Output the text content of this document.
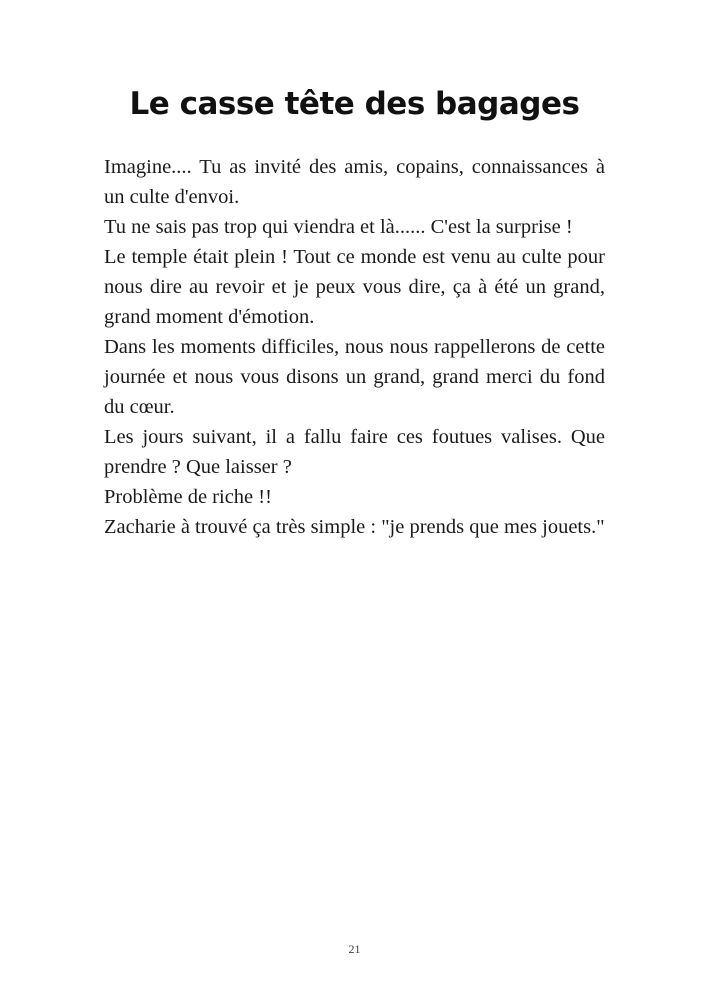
Le casse tête des bagages

Imagine.... Tu as invité des amis, copains, connaissances à un culte d'envoi.

Tu ne sais pas trop qui viendra et là...... C'est la surprise !

Le temple était plein ! Tout ce monde est venu au culte pour nous dire au revoir et je peux vous dire, ça à été un grand, grand moment d'émotion.

Dans les moments difficiles, nous nous rappellerons de cette journée et nous vous disons un grand, grand merci du fond du cœur.

Les jours suivant, il a fallu faire ces foutues valises. Que prendre ? Que laisser ?

Problème de riche !!

Zacharie à trouvé ça très simple : "je prends que mes jouets."

21
